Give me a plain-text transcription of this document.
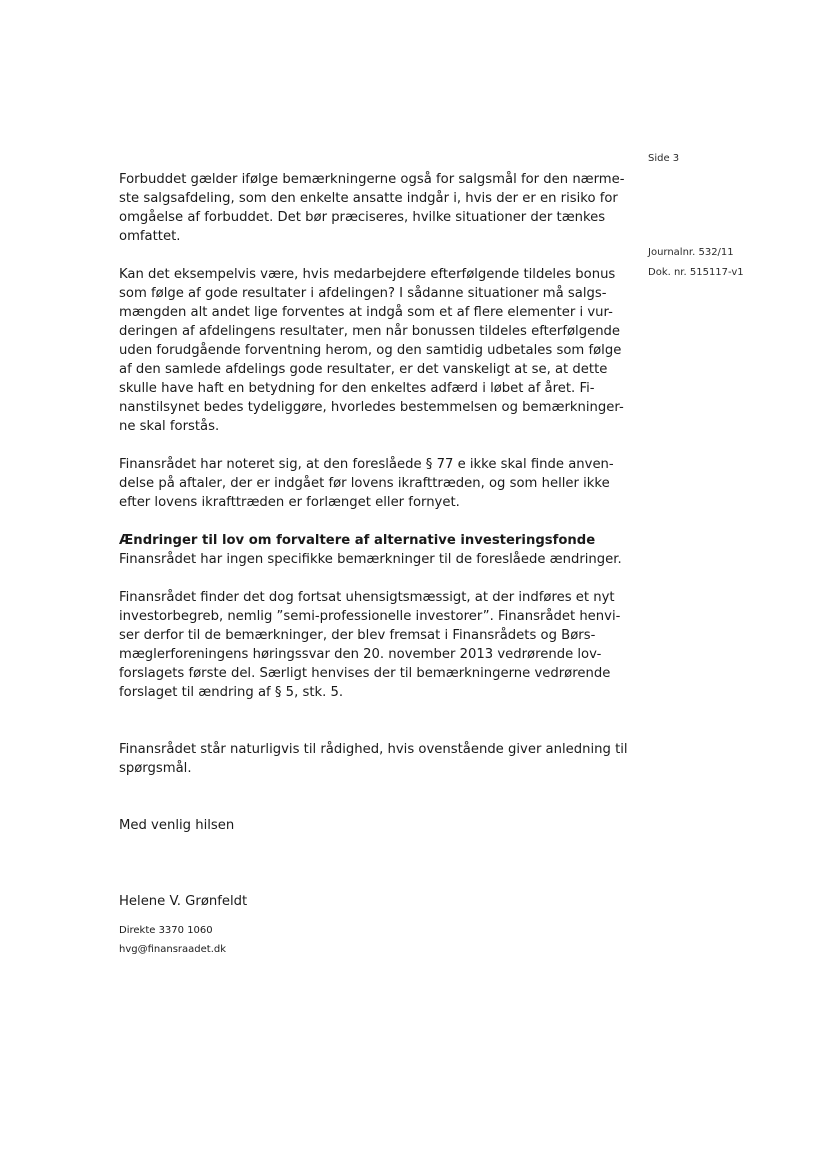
Side 3
Journalnr. 532/11
Dok. nr. 515117-v1

Forbuddet gælder ifølge bemærkningerne også for salgsmål for den nærme-
ste salgsafdeling, som den enkelte ansatte indgår i, hvis der er en risiko for
omgåelse af forbuddet. Det bør præciseres, hvilke situationer der tænkes
omfattet.

Kan det eksempelvis være, hvis medarbejdere efterfølgende tildeles bonus
som følge af gode resultater i afdelingen? I sådanne situationer må salgs-
mængden alt andet lige forventes at indgå som et af flere elementer i vur-
deringen af afdelingens resultater, men når bonussen tildeles efterfølgende
uden forudgående forventning herom, og den samtidig udbetales som følge
af den samlede afdelings gode resultater, er det vanskeligt at se, at dette
skulle have haft en betydning for den enkeltes adfærd i løbet af året. Fi-
nanstilsynet bedes tydeliggøre, hvorledes bestemmelsen og bemærkninger-
ne skal forstås.

Finansrådet har noteret sig, at den foreslåede § 77 e ikke skal finde anven-
delse på aftaler, der er indgået før lovens ikrafttræden, og som heller ikke
efter lovens ikrafttræden er forlænget eller fornyet.

Ændringer til lov om forvaltere af alternative investeringsfonde
Finansrådet har ingen specifikke bemærkninger til de foreslåede ændringer.

Finansrådet finder det dog fortsat uhensigtsmæssigt, at der indføres et nyt
investorbegreb, nemlig ”semi-professionelle investorer”. Finansrådet henvi-
ser derfor til de bemærkninger, der blev fremsat i Finansrådets og Børs-
mæglerforeningens høringssvar den 20. november 2013 vedrørende lov-
forslagets første del. Særligt henvises der til bemærkningerne vedrørende
forslaget til ændring af § 5, stk. 5.

Finansrådet står naturligvis til rådighed, hvis ovenstående giver anledning til
spørgsmål.

Med venlig hilsen

Helene V. Grønfeldt

Direkte 3370 1060
hvg@finansraadet.dk
